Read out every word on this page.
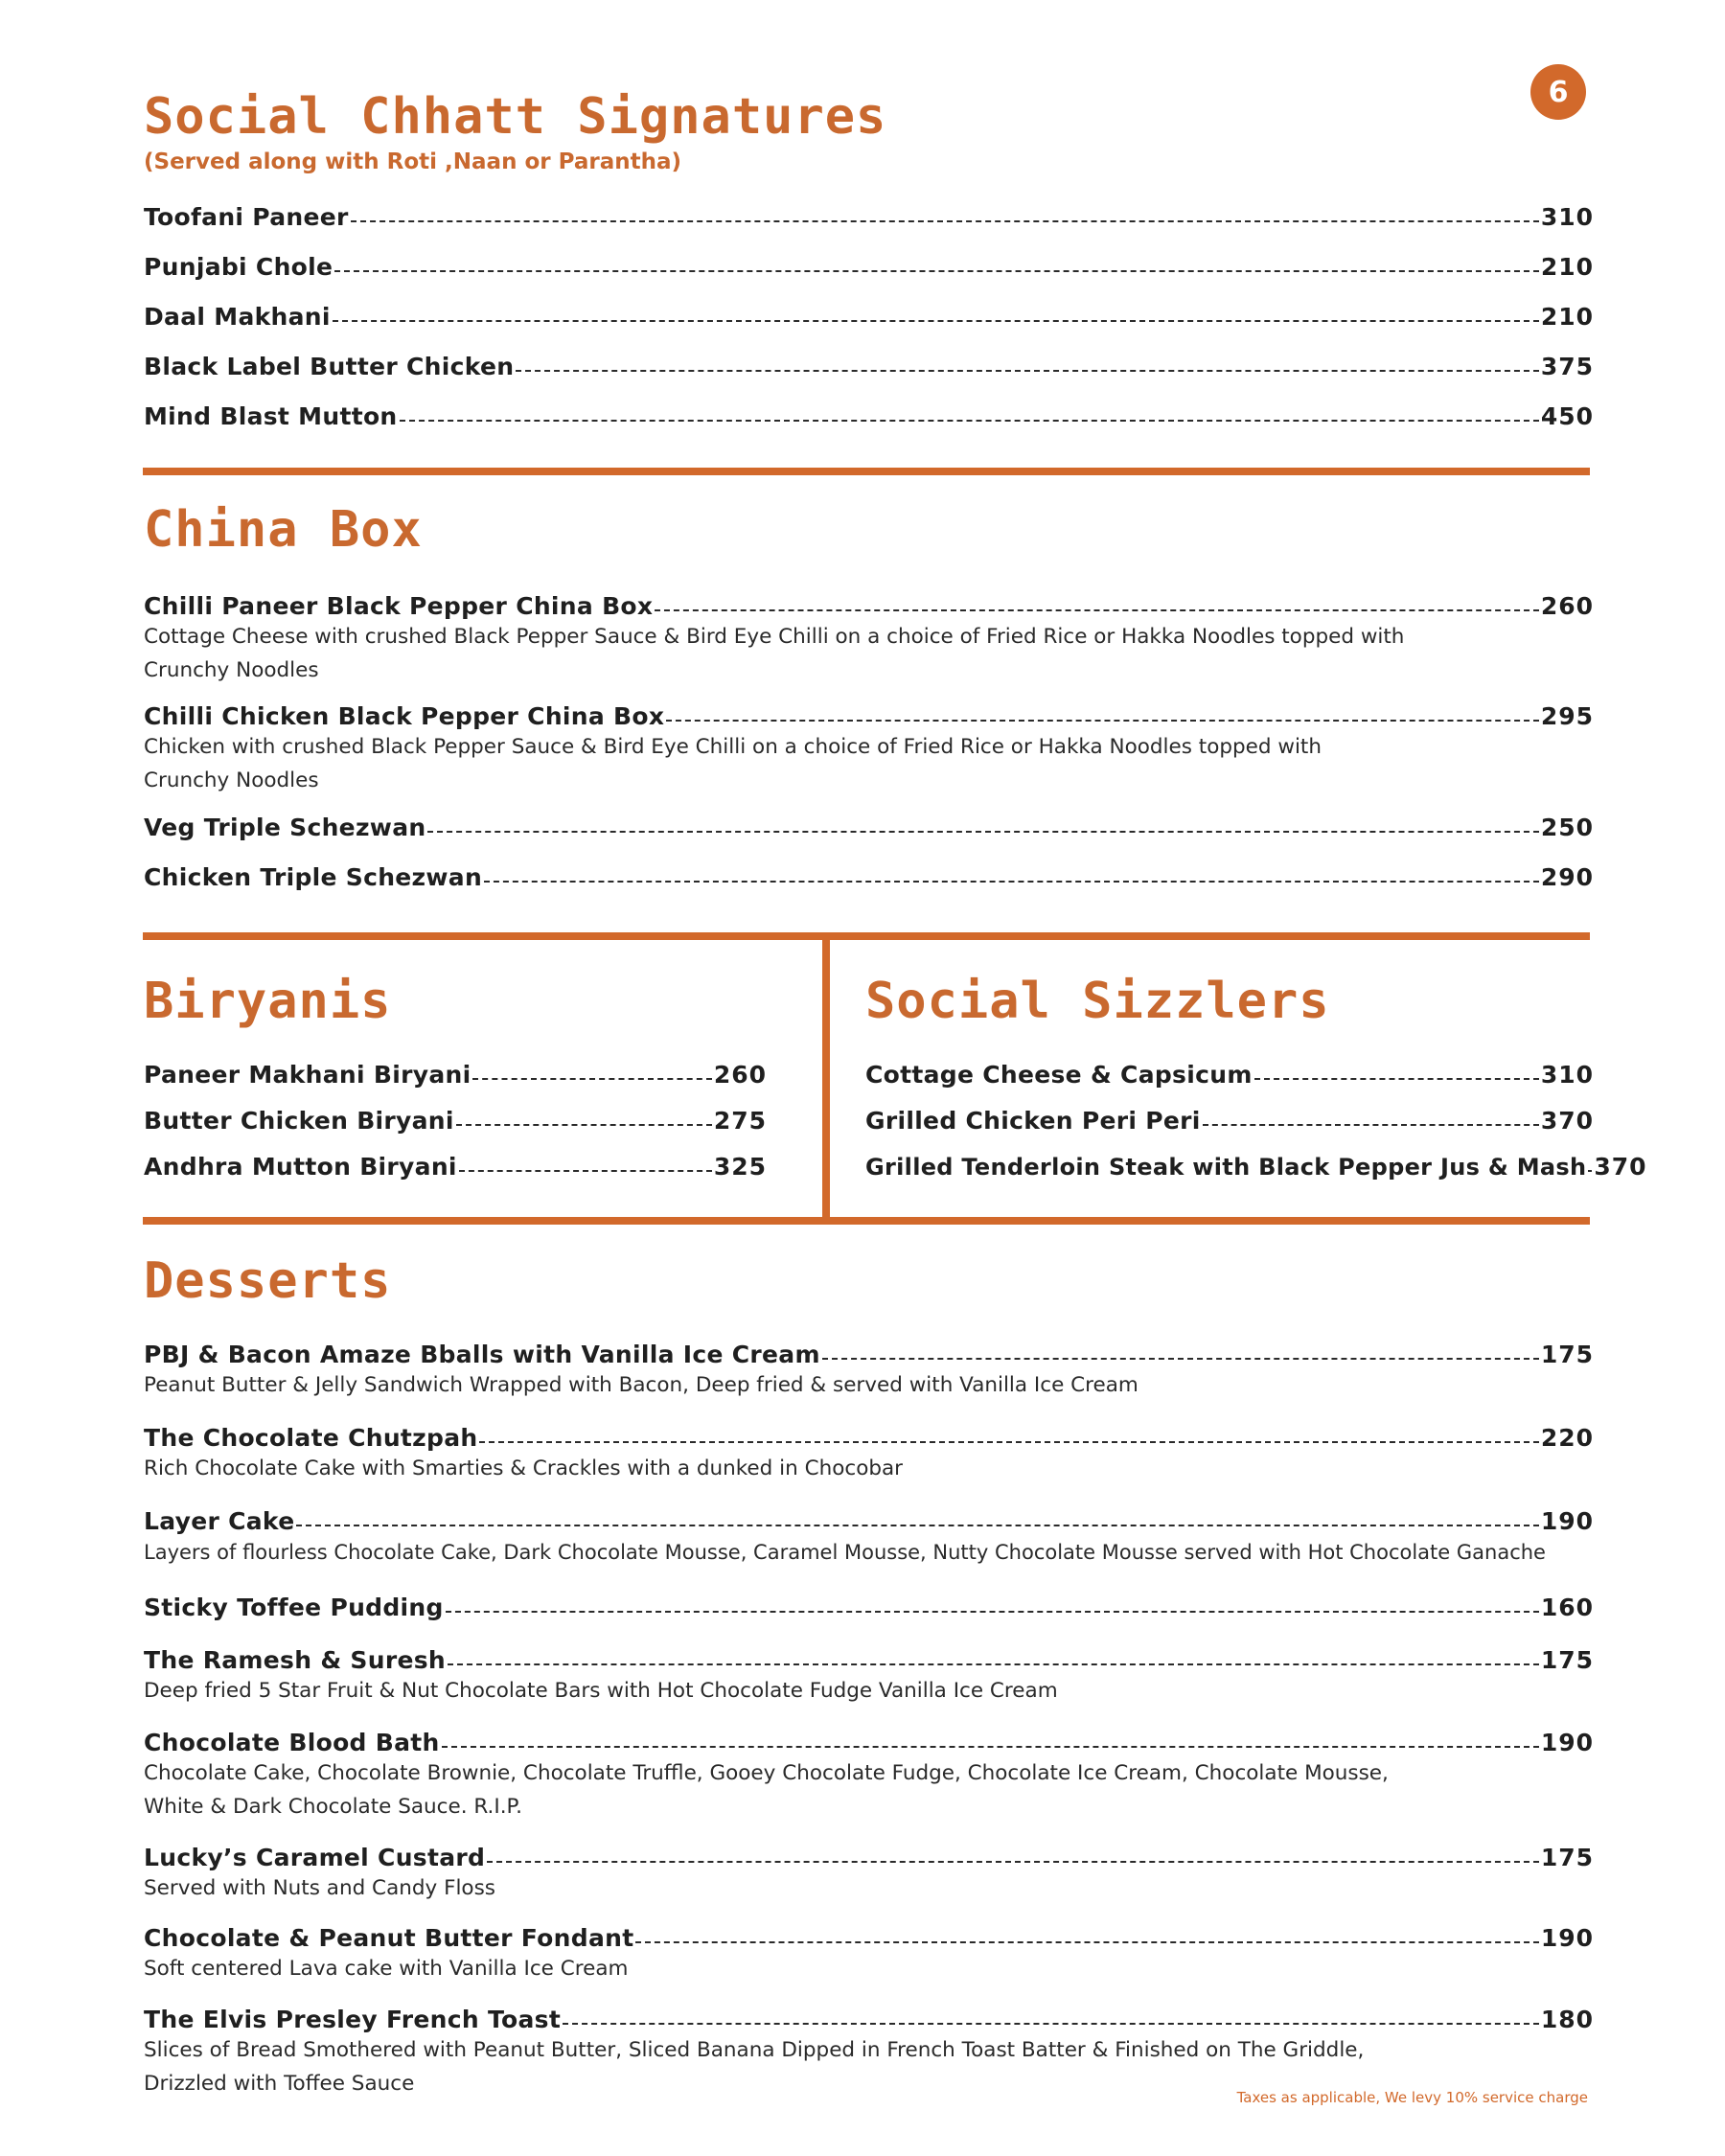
6
Social Chhatt Signatures
(Served along with Roti ,Naan or Parantha)
Toofani Paneer	310
Punjabi Chole	210
Daal Makhani	210
Black Label Butter Chicken	375
Mind Blast Mutton	450
China Box
Chilli Paneer Black Pepper China Box	260
Cottage Cheese with crushed Black Pepper Sauce & Bird Eye Chilli on a choice of Fried Rice or Hakka Noodles topped with
Crunchy Noodles
Chilli Chicken Black Pepper China Box	295
Chicken with crushed Black Pepper Sauce & Bird Eye Chilli on a choice of Fried Rice or Hakka Noodles topped with
Crunchy Noodles
Veg Triple Schezwan	250
Chicken Triple Schezwan	290
Biryanis
Paneer Makhani Biryani	260
Butter Chicken Biryani	275
Andhra Mutton Biryani	325
Social Sizzlers
Cottage Cheese & Capsicum	310
Grilled Chicken Peri Peri	370
Grilled Tenderloin Steak with Black Pepper Jus & Mash 370
Desserts
PBJ & Bacon Amaze Bballs with Vanilla Ice Cream	175
Peanut Butter & Jelly Sandwich Wrapped with Bacon, Deep fried & served with Vanilla Ice Cream
The Chocolate Chutzpah	220
Rich Chocolate Cake with Smarties & Crackles with a dunked in Chocobar
Layer Cake	190
Layers of flourless Chocolate Cake, Dark Chocolate Mousse, Caramel Mousse, Nutty Chocolate Mousse served with Hot Chocolate Ganache
Sticky Toffee Pudding	160
The Ramesh & Suresh	175
Deep fried 5 Star Fruit & Nut Chocolate Bars with Hot Chocolate Fudge Vanilla Ice Cream
Chocolate Blood Bath	190
Chocolate Cake, Chocolate Brownie, Chocolate Truffle, Gooey Chocolate Fudge, Chocolate Ice Cream, Chocolate Mousse,
White & Dark Chocolate Sauce. R.I.P.
Lucky’s Caramel Custard	175
Served with Nuts and Candy Floss
Chocolate & Peanut Butter Fondant	190
Soft centered Lava cake with Vanilla Ice Cream
The Elvis Presley French Toast	180
Slices of Bread Smothered with Peanut Butter, Sliced Banana Dipped in French Toast Batter & Finished on The Griddle,
Drizzled with Toffee Sauce
Taxes as applicable, We levy 10% service charge
